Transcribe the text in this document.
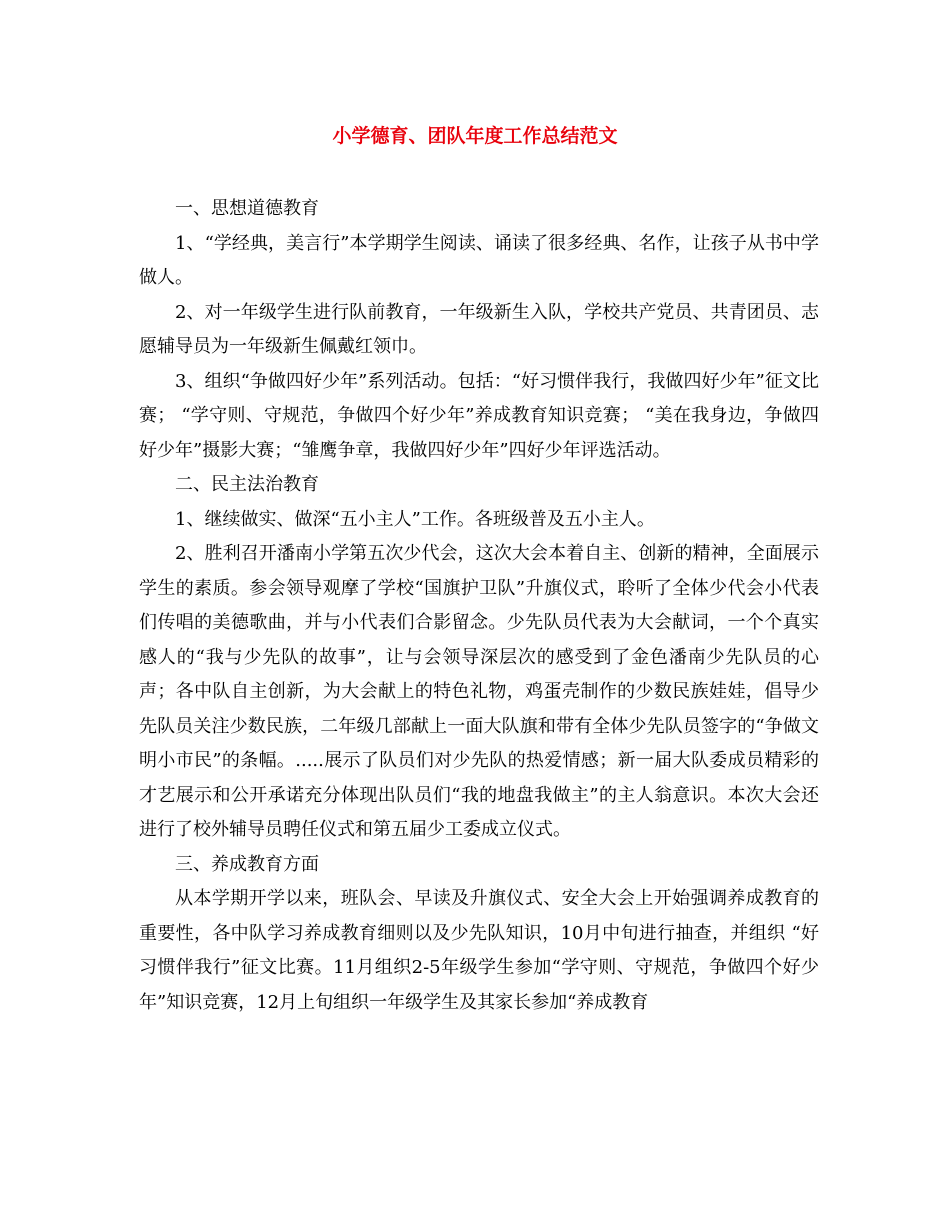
小学德育、团队年度工作总结范文

一、思想道德教育

1、“学经典，美言行”本学期学生阅读、诵读了很多经典、名作，让孩子从书中学做人。

2、对一年级学生进行队前教育，一年级新生入队，学校共产党员、共青团员、志愿辅导员为一年级新生佩戴红领巾。

3、组织“争做四好少年”系列活动。包括：“好习惯伴我行，我做四好少年”征文比赛； “学守则、守规范，争做四个好少年”养成教育知识竞赛； “美在我身边，争做四好少年”摄影大赛；“雏鹰争章，我做四好少年”四好少年评选活动。

二、民主法治教育

1、继续做实、做深“五小主人”工作。各班级普及五小主人。

2、胜利召开潘南小学第五次少代会，这次大会本着自主、创新的精神，全面展示学生的素质。参会领导观摩了学校“国旗护卫队”升旗仪式，聆听了全体少代会小代表们传唱的美德歌曲，并与小代表们合影留念。少先队员代表为大会献词，一个个真实感人的“我与少先队的故事”，让与会领导深层次的感受到了金色潘南少先队员的心声；各中队自主创新，为大会献上的特色礼物，鸡蛋壳制作的少数民族娃娃，倡导少先队员关注少数民族，二年级几部献上一面大队旗和带有全体少先队员签字的“争做文明小市民”的条幅。.....展示了队员们对少先队的热爱情感；新一届大队委成员精彩的才艺展示和公开承诺充分体现出队员们“我的地盘我做主”的主人翁意识。本次大会还进行了校外辅导员聘任仪式和第五届少工委成立仪式。

三、养成教育方面

从本学期开学以来，班队会、早读及升旗仪式、安全大会上开始强调养成教育的重要性，各中队学习养成教育细则以及少先队知识，10月中旬进行抽查，并组织 “好习惯伴我行”征文比赛。11月组织2-5年级学生参加“学守则、守规范，争做四个好少年”知识竞赛，12月上旬组织一年级学生及其家长参加“养成教育
